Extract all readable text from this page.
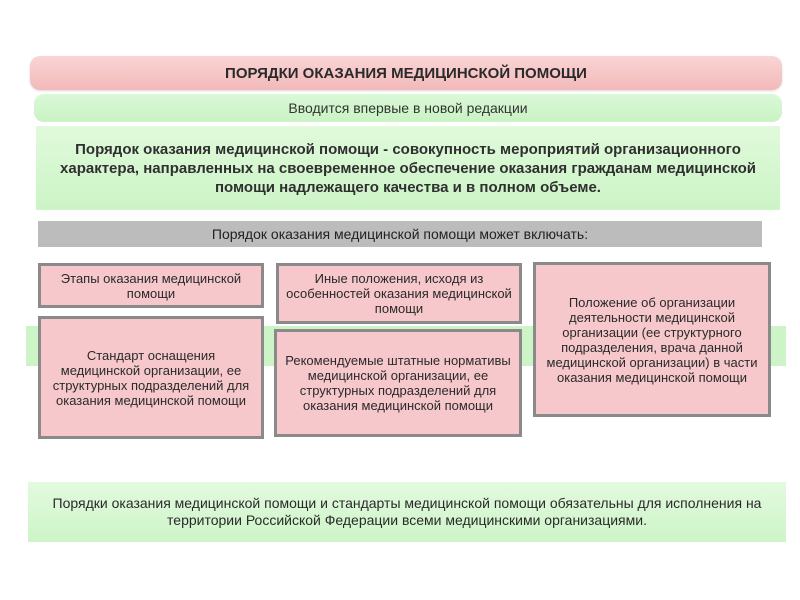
ПОРЯДКИ ОКАЗАНИЯ МЕДИЦИНСКОЙ ПОМОЩИ
Вводится впервые в новой редакции
Порядок оказания медицинской помощи - совокупность мероприятий организационного характера, направленных на своевременное обеспечение оказания гражданам медицинской помощи надлежащего качества и в полном объеме.
Порядок оказания медицинской помощи может включать:
Этапы оказания медицинской помощи
Иные положения, исходя из особенностей оказания медицинской помощи	Положение об организации деятельности медицинской организации (ее структурного подразделения, врача данной медицинской организации) в части оказания медицинской помощи
Стандарт оснащения медицинской организации, ее структурных подразделений для оказания медицинской помощи
Рекомендуемые штатные нормативы медицинской организации, ее структурных подразделений для оказания медицинской помощи
Порядки оказания медицинской помощи и стандарты медицинской помощи обязательны для исполнения на территории Российской Федерации всеми медицинскими организациями.
